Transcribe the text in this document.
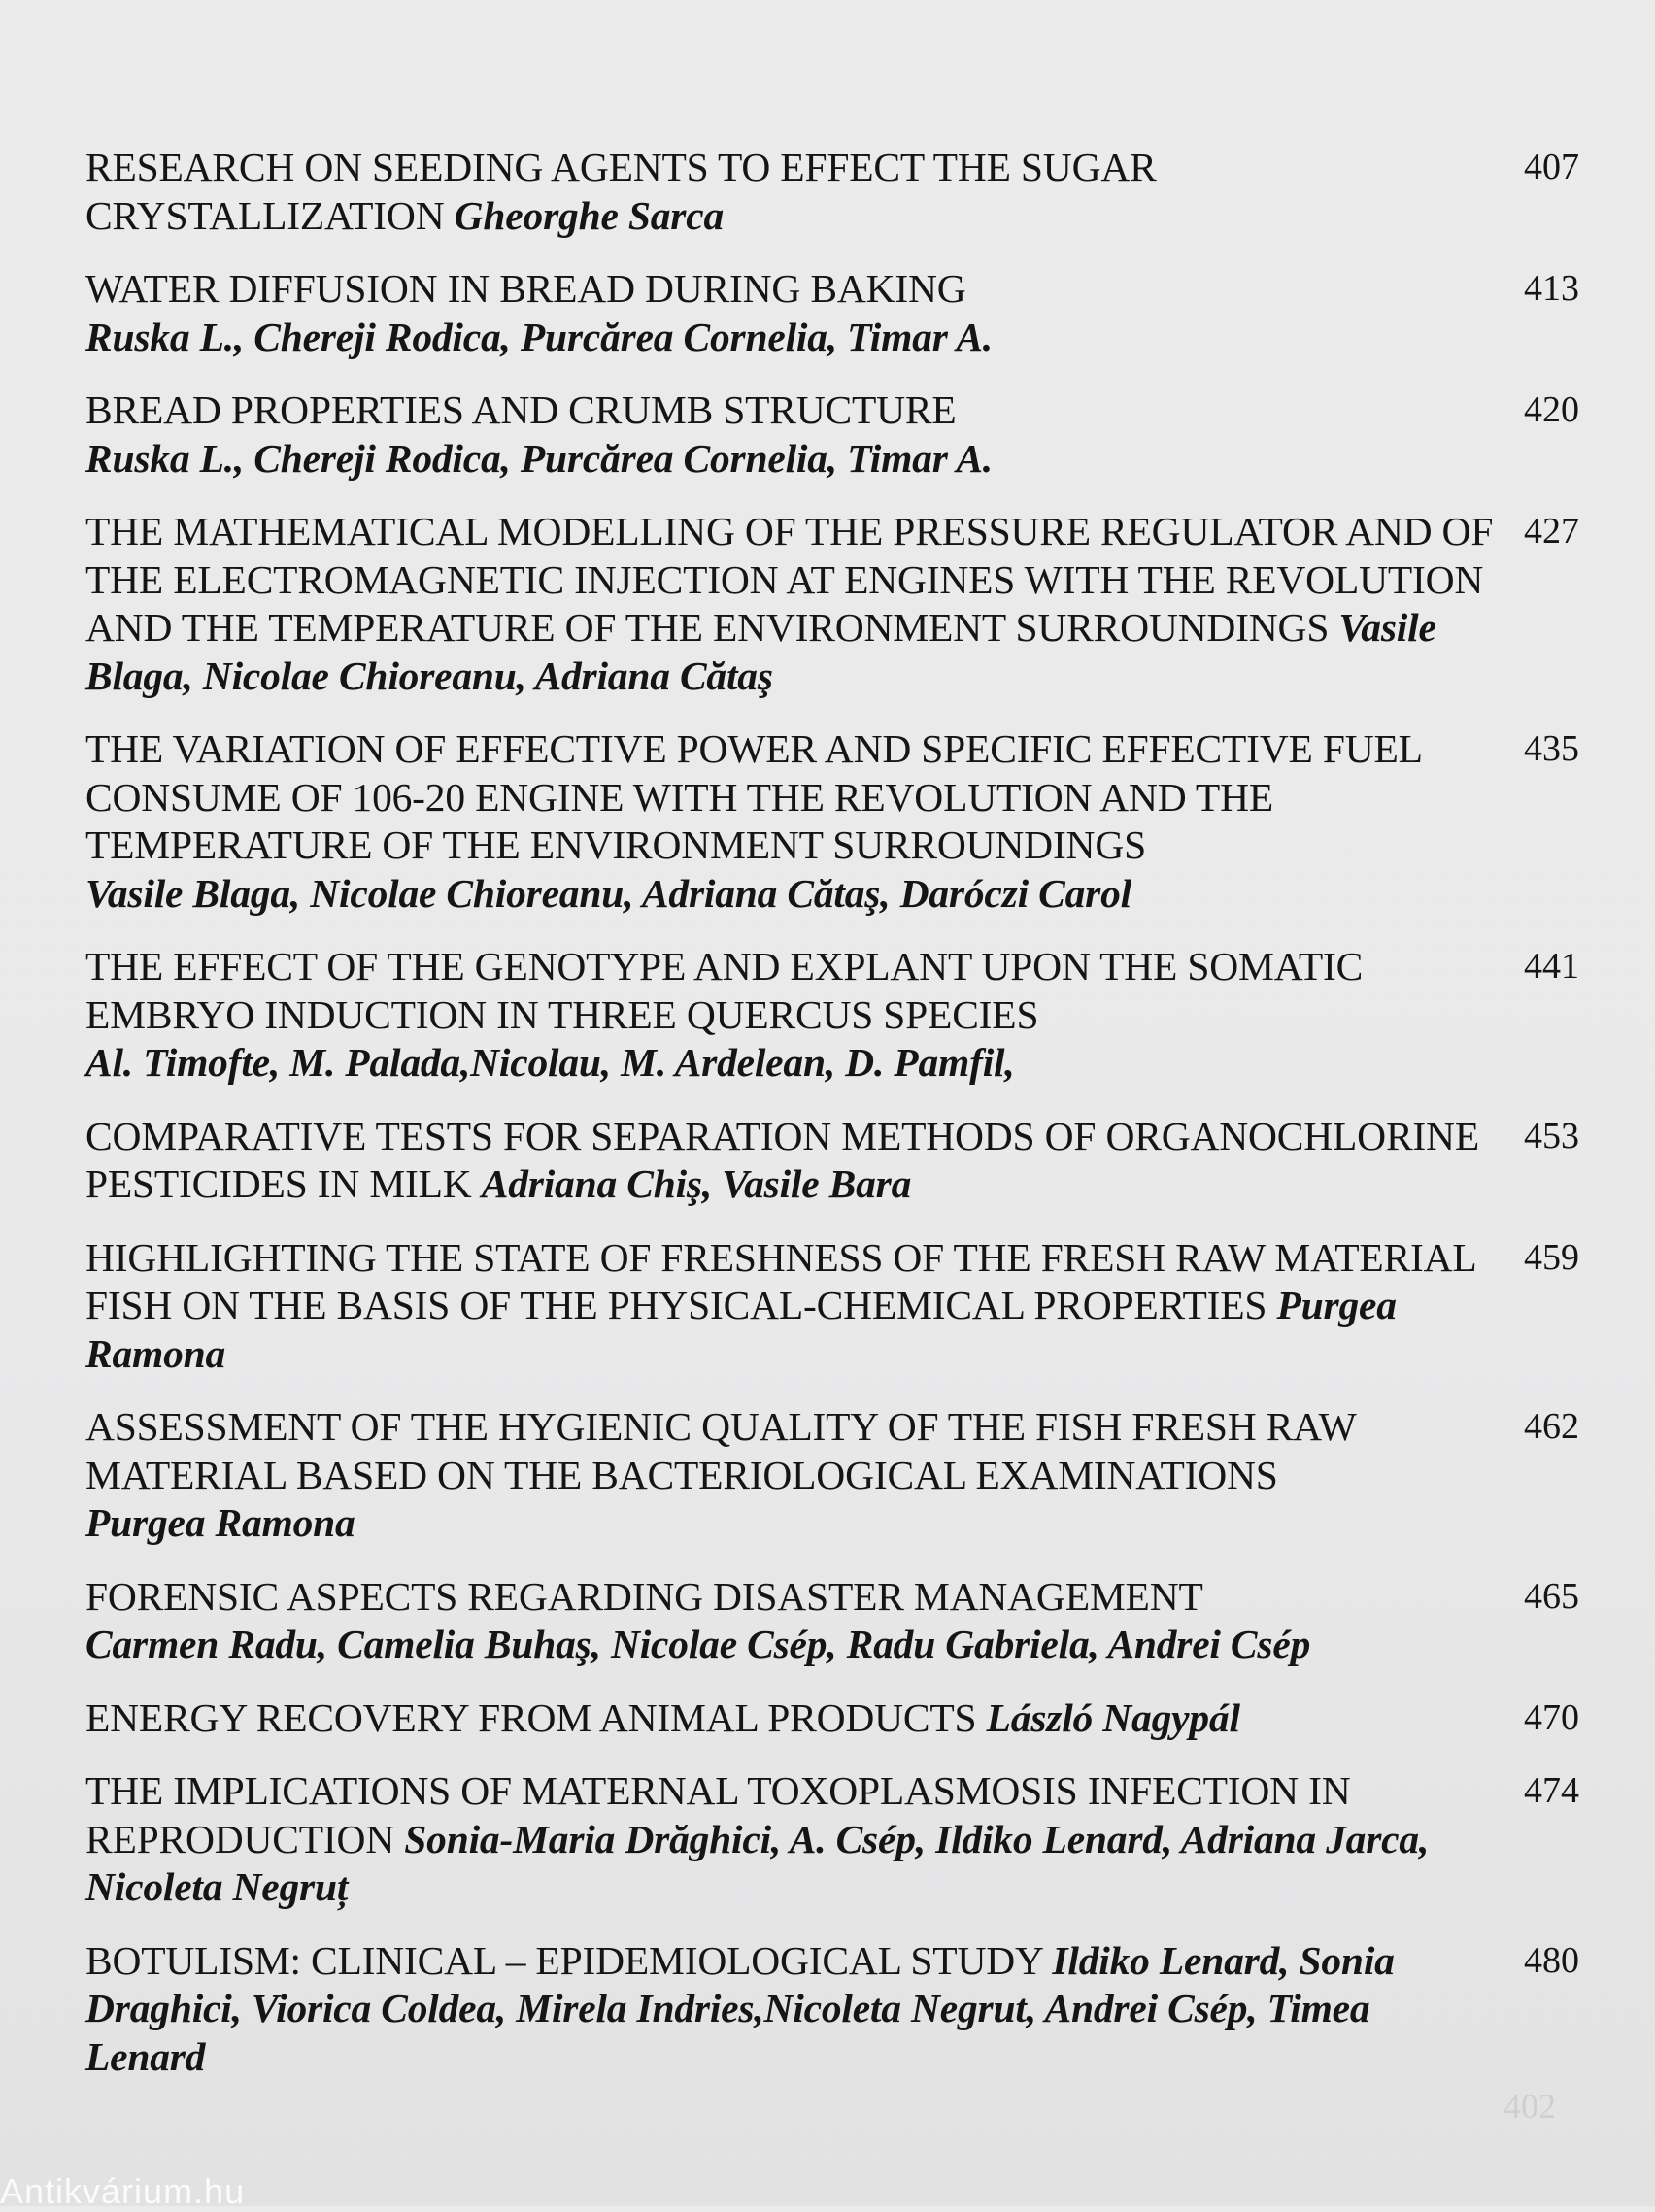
RESEARCH ON SEEDING AGENTS TO EFFECT THE SUGAR CRYSTALLIZATION Gheorghe Sarca
407
WATER DIFFUSION IN BREAD DURING BAKING
Ruska L., Chereji Rodica, Purcărea Cornelia, Timar A.
413
BREAD PROPERTIES AND CRUMB STRUCTURE
Ruska L., Chereji Rodica, Purcărea Cornelia, Timar A.
420
THE MATHEMATICAL MODELLING OF THE PRESSURE REGULATOR AND OF THE ELECTROMAGNETIC INJECTION AT ENGINES WITH THE REVOLUTION AND THE TEMPERATURE OF THE ENVIRONMENT SURROUNDINGS Vasile Blaga, Nicolae Chioreanu, Adriana Cătaş
427
THE VARIATION OF EFFECTIVE POWER AND SPECIFIC EFFECTIVE FUEL CONSUME OF 106-20 ENGINE WITH THE REVOLUTION AND THE TEMPERATURE OF THE ENVIRONMENT SURROUNDINGS
Vasile Blaga, Nicolae Chioreanu, Adriana Cătaş, Daróczi Carol
435
THE EFFECT OF THE GENOTYPE AND EXPLANT UPON THE SOMATIC EMBRYO INDUCTION IN THREE QUERCUS SPECIES
Al. Timofte, M. Palada,Nicolau, M. Ardelean, D. Pamfil,
441
COMPARATIVE TESTS FOR SEPARATION METHODS OF ORGANOCHLORINE PESTICIDES IN MILK Adriana Chiş, Vasile Bara
453
HIGHLIGHTING THE STATE OF FRESHNESS OF THE FRESH RAW MATERIAL FISH ON THE BASIS OF THE PHYSICAL-CHEMICAL PROPERTIES Purgea Ramona
459
ASSESSMENT OF THE HYGIENIC QUALITY OF THE FISH FRESH RAW MATERIAL BASED ON THE BACTERIOLOGICAL EXAMINATIONS
Purgea Ramona
462
FORENSIC ASPECTS REGARDING DISASTER MANAGEMENT
Carmen Radu, Camelia Buhaş, Nicolae Csép, Radu Gabriela, Andrei Csép
465
ENERGY RECOVERY FROM ANIMAL PRODUCTS László Nagypál	470
THE IMPLICATIONS OF MATERNAL TOXOPLASMOSIS INFECTION IN REPRODUCTION Sonia-Maria Drăghici, A. Csép, Ildiko Lenard, Adriana Jarca, Nicoleta Negruț
474
BOTULISM: CLINICAL – EPIDEMIOLOGICAL STUDY Ildiko Lenard, Sonia Draghici, Viorica Coldea, Mirela Indries,Nicoleta Negrut, Andrei Csép, Timea Lenard
480
402
Antikvárium.hu
